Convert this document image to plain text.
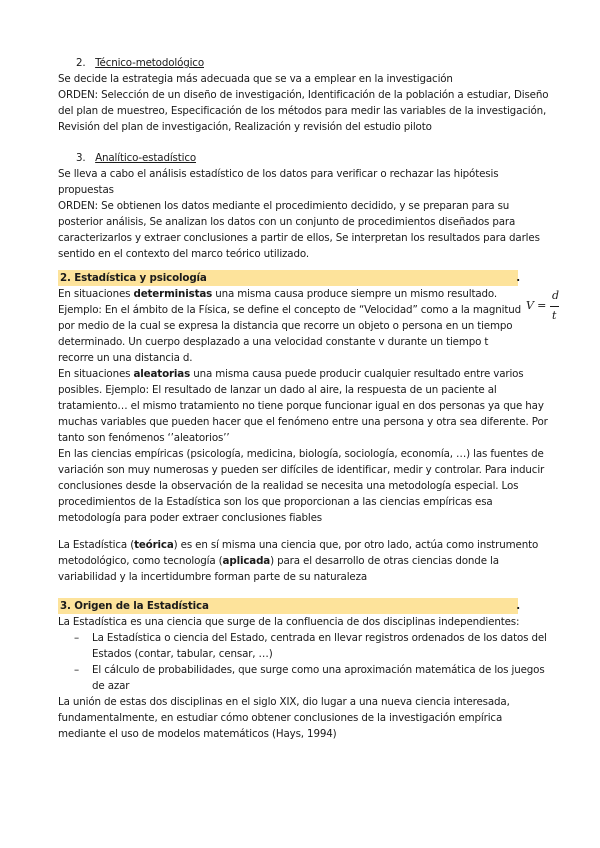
2. Técnico-metodológico

Se decide la estrategia más adecuada que se va a emplear en la investigación

ORDEN: Selección de un diseño de investigación, Identificación de la población a estudiar, Diseño del plan de muestreo, Especificación de los métodos para medir las variables de la investigación, Revisión del plan de investigación, Realización y revisión del estudio piloto

3. Analítico-estadístico

Se lleva a cabo el análisis estadístico de los datos para verificar o rechazar las hipótesis propuestas

ORDEN: Se obtienen los datos mediante el procedimiento decidido, y se preparan para su posterior análisis, Se analizan los datos con un conjunto de procedimientos diseñados para caracterizarlos y extraer conclusiones a partir de ellos, Se interpretan los resultados para darles sentido en el contexto del marco teórico utilizado.

2. Estadística y psicología	.

V =
d
t

En situaciones deterministas una misma causa produce siempre un mismo resultado. Ejemplo: En el ámbito de la Física, se define el concepto de “Velocidad” como a la magnitud por medio de la cual se expresa la distancia que recorre un objeto o persona en un tiempo determinado. Un cuerpo desplazado a una velocidad constante v durante un tiempo t recorre un una distancia d.

En situaciones aleatorias una misma causa puede producir cualquier resultado entre varios posibles. Ejemplo: El resultado de lanzar un dado al aire, la respuesta de un paciente al tratamiento… el mismo tratamiento no tiene porque funcionar igual en dos personas ya que hay muchas variables que pueden hacer que el fenómeno entre una persona y otra sea diferente. Por tanto son fenómenos ‘’aleatorios’’

En las ciencias empíricas (psicología, medicina, biología, sociología, economía, …) las fuentes de variación son muy numerosas y pueden ser difíciles de identificar, medir y controlar. Para inducir conclusiones desde la observación de la realidad se necesita una metodología especial. Los procedimientos de la Estadística son los que proporcionan a las ciencias empíricas esa metodología para poder extraer conclusiones fiables

La Estadística (teórica) es en sí misma una ciencia que, por otro lado, actúa como instrumento metodológico, como tecnología (aplicada) para el desarrollo de otras ciencias donde la variabilidad y la incertidumbre forman parte de su naturaleza

3. Origen de la Estadística	.

La Estadística es una ciencia que surge de la confluencia de dos disciplinas independientes:

– La Estadística o ciencia del Estado, centrada en llevar registros ordenados de los datos del Estados (contar, tabular, censar, …)
– El cálculo de probabilidades, que surge como una aproximación matemática de los juegos de azar

La unión de estas dos disciplinas en el siglo XIX, dio lugar a una nueva ciencia interesada, fundamentalmente, en estudiar cómo obtener conclusiones de la investigación empírica mediante el uso de modelos matemáticos (Hays, 1994)
